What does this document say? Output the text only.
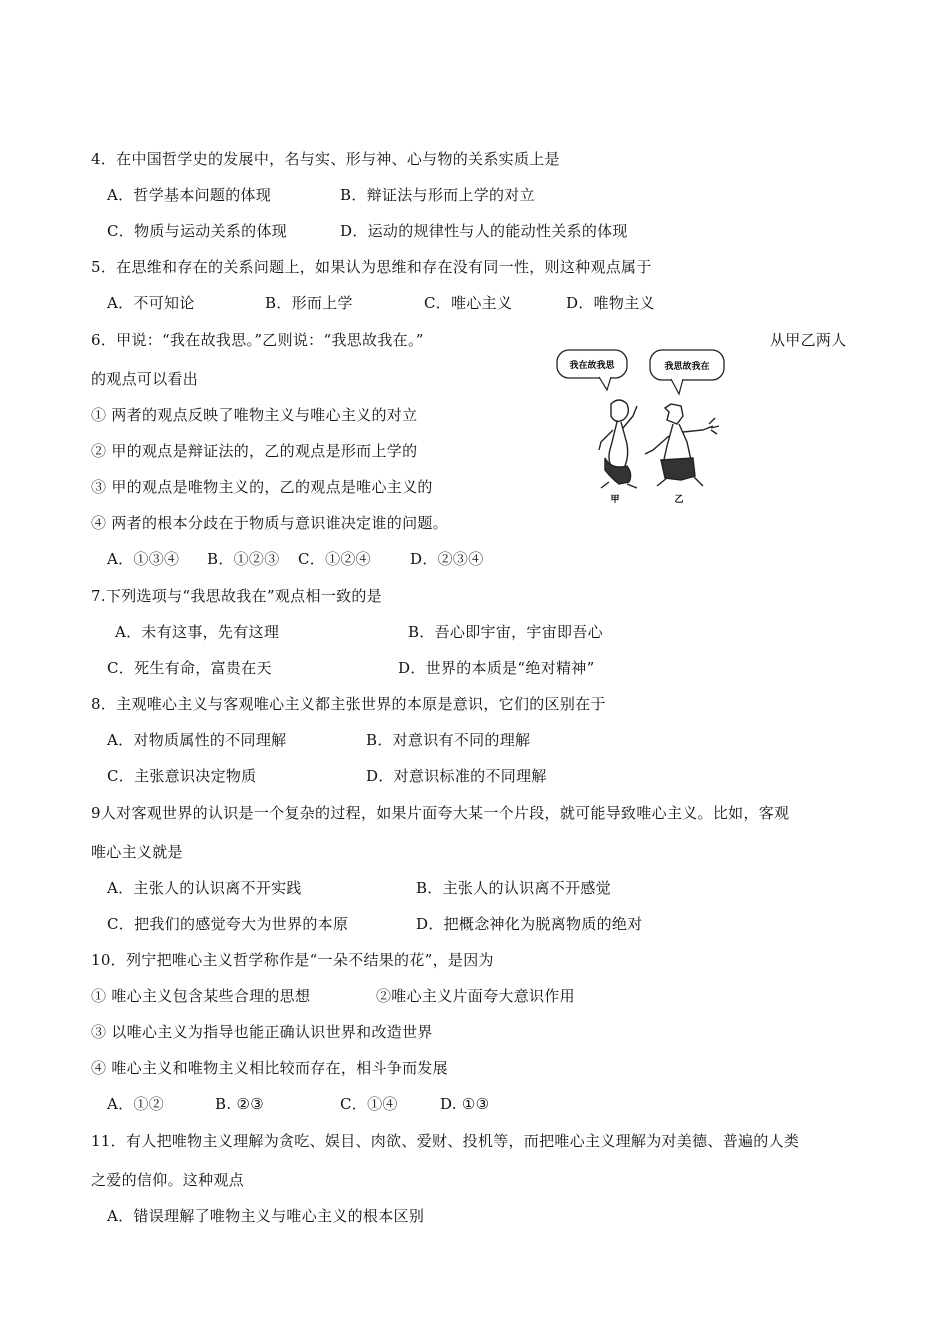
4．在中国哲学史的发展中，名与实、形与神、心与物的关系实质上是
A．哲学基本问题的体现	B．辩证法与形而上学的对立
C．物质与运动关系的体现	D．运动的规律性与人的能动性关系的体现
5．在思维和存在的关系问题上，如果认为思维和存在没有同一性，则这种观点属于
A．不可知论	B．形而上学	C．唯心主义	D．唯物主义
6．甲说：“我在故我思。”乙则说：“我思故我在。”	从甲乙两人
的观点可以看出
① 两者的观点反映了唯物主义与唯心主义的对立
② 甲的观点是辩证法的，乙的观点是形而上学的
③ 甲的观点是唯物主义的，乙的观点是唯心主义的
④ 两者的根本分歧在于物质与意识谁决定谁的问题。
A．①③④ B．①②③ C．①②④	D．②③④
我在故我思	我思故我在
甲	乙
7.下列选项与“我思故我在”观点相一致的是
A．未有这事，先有这理	B．吾心即宇宙，宇宙即吾心
C．死生有命，富贵在天	D．世界的本质是“绝对精神”
8．主观唯心主义与客观唯心主义都主张世界的本原是意识，它们的区别在于
A．对物质属性的不同理解	B．对意识有不同的理解
C．主张意识决定物质	D．对意识标准的不同理解
9人对客观世界的认识是一个复杂的过程，如果片面夸大某一个片段，就可能导致唯心主义。比如，客观
唯心主义就是
A．主张人的认识离不开实践	B．主张人的认识离不开感觉
C．把我们的感觉夸大为世界的本原	D．把概念神化为脱离物质的绝对
10．列宁把唯心主义哲学称作是“一朵不结果的花”，是因为
① 唯心主义包含某些合理的思想	②唯心主义片面夸大意识作用
③ 以唯心主义为指导也能正确认识世界和改造世界
④ 唯心主义和唯物主义相比较而存在，相斗争而发展
A．①②	B. ②③	C．①④	D. ①③
11．有人把唯物主义理解为贪吃、娱目、肉欲、爱财、投机等，而把唯心主义理解为对美德、普遍的人类
之爱的信仰。这种观点
A．错误理解了唯物主义与唯心主义的根本区别
